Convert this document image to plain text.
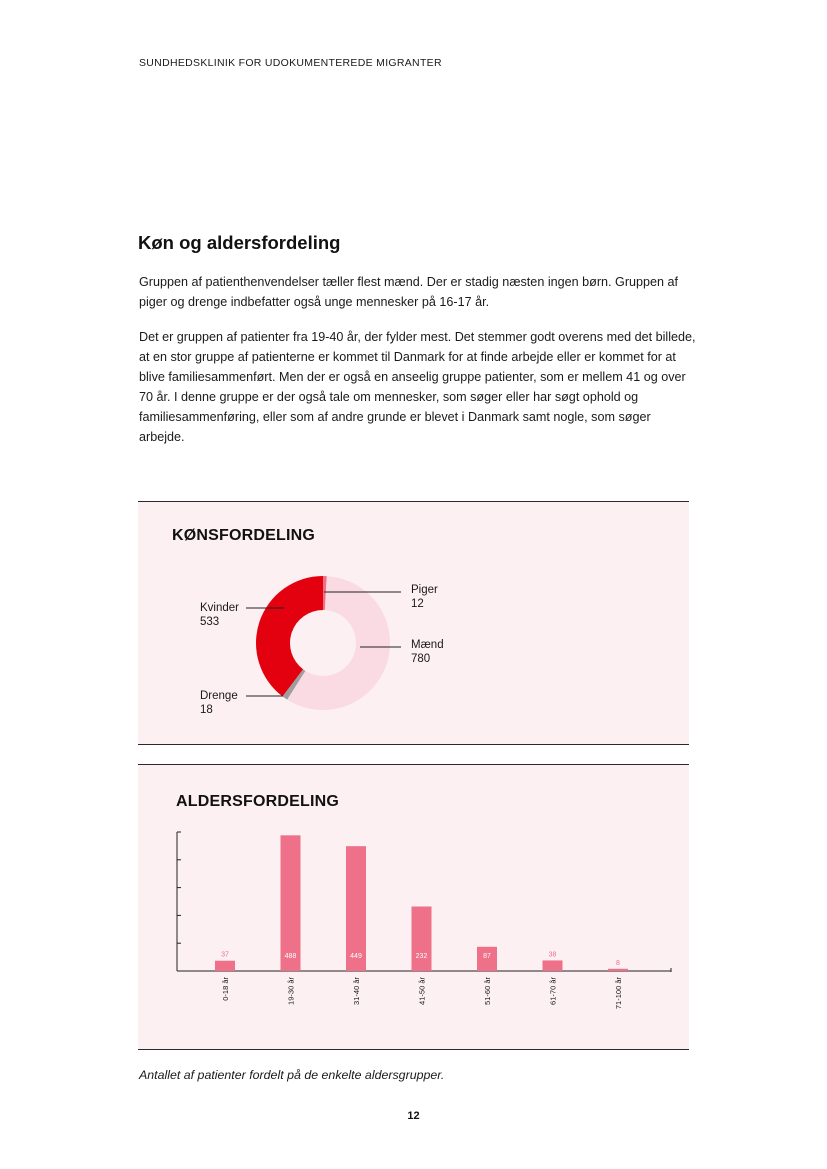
SUNDHEDSKLINIK FOR UDOKUMENTEREDE MIGRANTER
Køn og aldersfordeling

Gruppen af patienthenvendelser tæller flest mænd. Der er stadig næsten ingen børn. Gruppen af piger og drenge indbefatter også unge mennesker på 16-17 år.

Det er gruppen af patienter fra 19-40 år, der fylder mest. Det stemmer godt overens med det billede, at en stor gruppe af patienterne er kommet til Danmark for at finde arbejde eller er kommet for at blive familiesammenført. Men der er også en anseelig gruppe patienter, som er mellem 41 og over 70 år. I denne gruppe er der også tale om mennesker, som søger eller har søgt ophold og familiesammenføring, eller som af andre grunde er blevet i Danmark samt nogle, som søger arbejde.

KØNSFORDELING
Piger
12
Mænd
780
Kvinder
533
Drenge
18
ALDERSFORDELING
37
0-18 år
488
19-30 år
449
31-40 år
232
41-50 år
87
51-60 år
38
61-70 år
8
71-100 år
Antallet af patienter fordelt på de enkelte aldersgrupper.
12
